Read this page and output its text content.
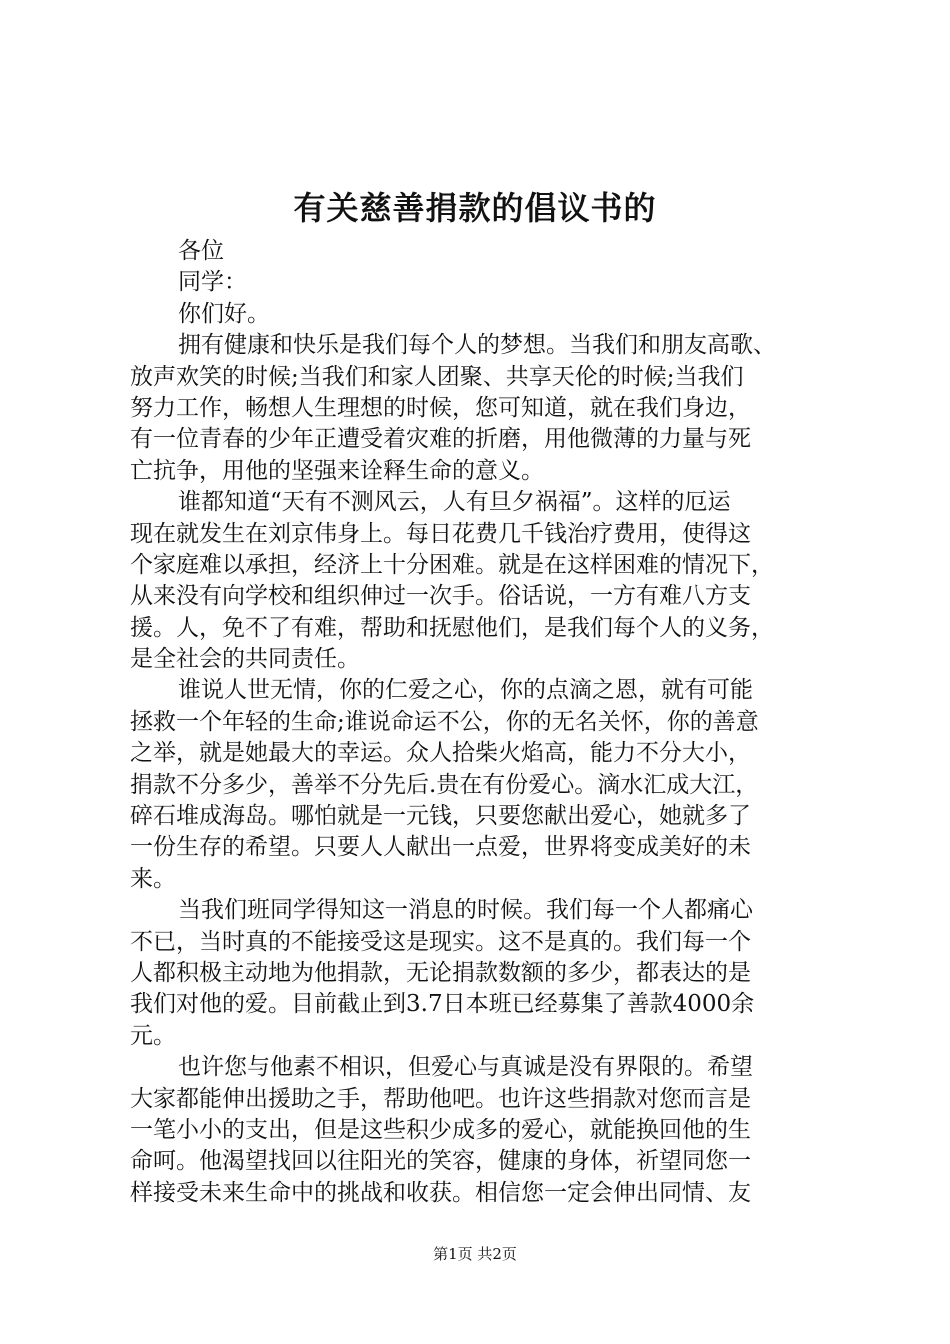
有关慈善捐款的倡议书的
各位
同学：
你们好。
拥有健康和快乐是我们每个人的梦想。当我们和朋友高歌、
放声欢笑的时候;当我们和家人团聚、共享天伦的时候;当我们
努力工作，畅想人生理想的时候，您可知道，就在我们身边，
有一位青春的少年正遭受着灾难的折磨，用他微薄的力量与死
亡抗争，用他的坚强来诠释生命的意义。
谁都知道“天有不测风云，人有旦夕祸福”。这样的厄运
现在就发生在刘京伟身上。每日花费几千钱治疗费用，使得这
个家庭难以承担，经济上十分困难。就是在这样困难的情况下，
从来没有向学校和组织伸过一次手。俗话说，一方有难八方支
援。人，免不了有难，帮助和抚慰他们，是我们每个人的义务，
是全社会的共同责任。
谁说人世无情，你的仁爱之心，你的点滴之恩，就有可能
拯救一个年轻的生命;谁说命运不公，你的无名关怀，你的善意
之举，就是她最大的幸运。众人拾柴火焰高，能力不分大小，
捐款不分多少，善举不分先后.贵在有份爱心。滴水汇成大江，
碎石堆成海岛。哪怕就是一元钱，只要您献出爱心，她就多了
一份生存的希望。只要人人献出一点爱，世界将变成美好的未
来。
当我们班同学得知这一消息的时候。我们每一个人都痛心
不已，当时真的不能接受这是现实。这不是真的。我们每一个
人都积极主动地为他捐款，无论捐款数额的多少，都表达的是
我们对他的爱。目前截止到3.7日本班已经募集了善款4000余
元。
也许您与他素不相识，但爱心与真诚是没有界限的。希望
大家都能伸出援助之手，帮助他吧。也许这些捐款对您而言是
一笔小小的支出，但是这些积少成多的爱心，就能换回他的生
命呵。他渴望找回以往阳光的笑容，健康的身体，祈望同您一
样接受未来生命中的挑战和收获。相信您一定会伸出同情、友
第1页 共2页
